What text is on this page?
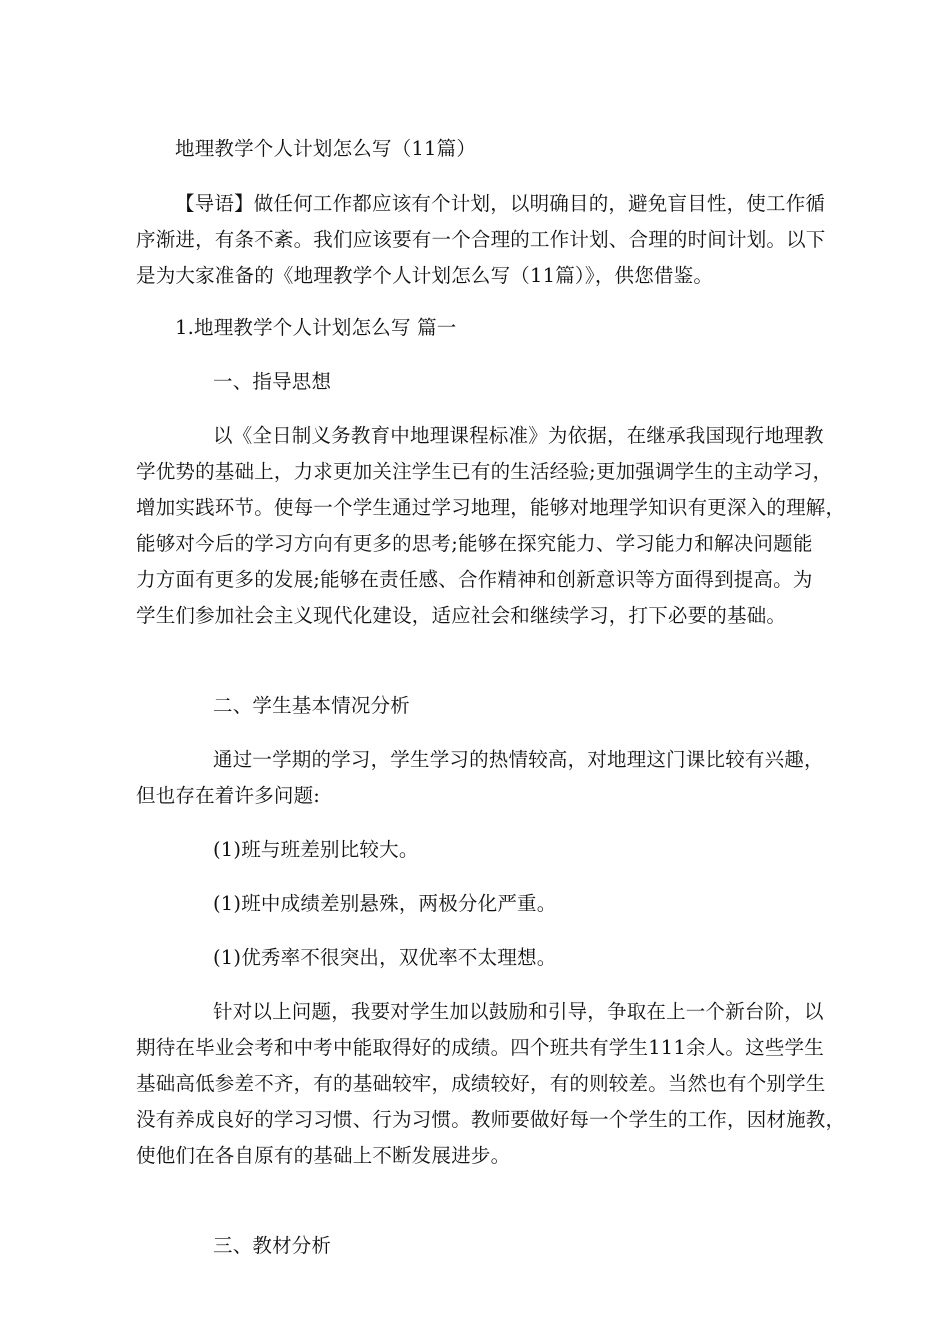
地理教学个人计划怎么写（11篇）
【导语】做任何工作都应该有个计划，以明确目的，避免盲目性，使工作循
序渐进，有条不紊。我们应该要有一个合理的工作计划、合理的时间计划。以下
是为大家准备的《地理教学个人计划怎么写（11篇）》，供您借鉴。
1.地理教学个人计划怎么写 篇一
一、指导思想
以《全日制义务教育中地理课程标准》为依据，在继承我国现行地理教
学优势的基础上，力求更加关注学生已有的生活经验;更加强调学生的主动学习，
增加实践环节。使每一个学生通过学习地理，能够对地理学知识有更深入的理解，
能够对今后的学习方向有更多的思考;能够在探究能力、学习能力和解决问题能
力方面有更多的发展;能够在责任感、合作精神和创新意识等方面得到提高。为
学生们参加社会主义现代化建设，适应社会和继续学习，打下必要的基础。
二、学生基本情况分析
通过一学期的学习，学生学习的热情较高，对地理这门课比较有兴趣，
但也存在着许多问题:
(1)班与班差别比较大。
(1)班中成绩差别悬殊，两极分化严重。
(1)优秀率不很突出，双优率不太理想。
针对以上问题，我要对学生加以鼓励和引导，争取在上一个新台阶，以
期待在毕业会考和中考中能取得好的成绩。四个班共有学生111余人。这些学生
基础高低参差不齐，有的基础较牢，成绩较好，有的则较差。当然也有个别学生
没有养成良好的学习习惯、行为习惯。教师要做好每一个学生的工作，因材施教，
使他们在各自原有的基础上不断发展进步。
三、教材分析
